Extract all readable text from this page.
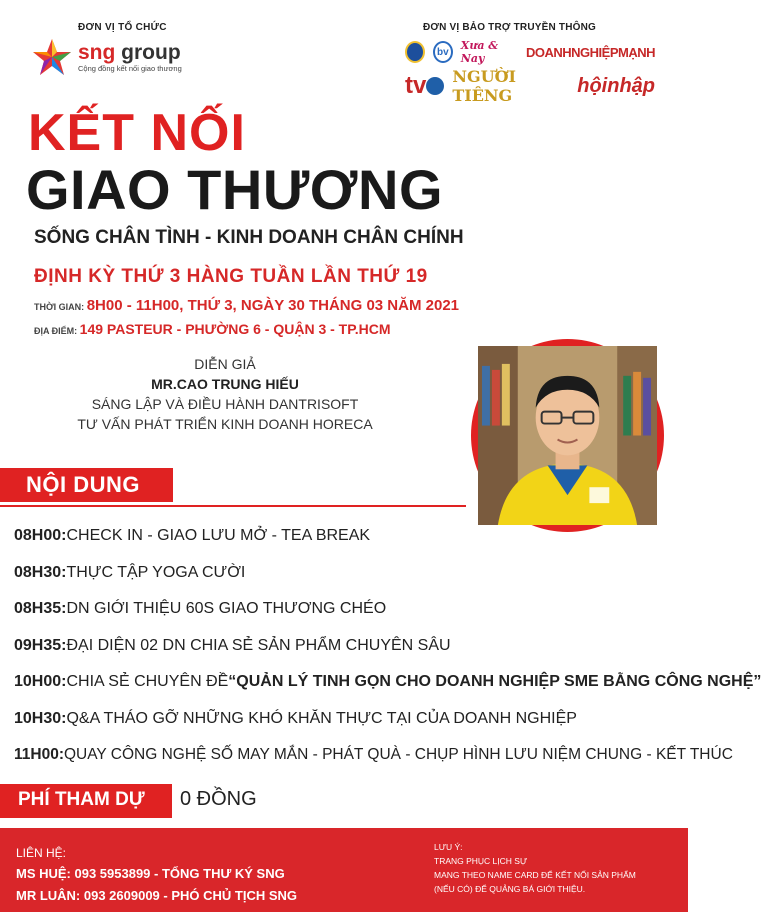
ĐƠN VỊ TỔ CHỨC
sng group
Cộng đồng kết nối giao thương
ĐƠN VỊ BẢO TRỢ TRUYỀN THÔNG
bv	Xưa & Nay	DOANHNGHIỆPMẠNH
tv NGƯỜI TIÊNG	hộinhập
KẾT NỐI
GIAO THƯƠNG
SỐNG CHÂN TÌNH - KINH DOANH CHÂN CHÍNH
ĐỊNH KỲ THỨ 3 HÀNG TUẦN LẦN THỨ 19
THỜI GIAN: 8H00 - 11H00, THỨ 3, NGÀY 30 THÁNG 03 NĂM 2021
ĐỊA ĐIỂM: 149 PASTEUR - PHƯỜNG 6 - QUẬN 3 - TP.HCM
DIỄN GIẢ
MR.CAO TRUNG HIẾU
SÁNG LẬP VÀ ĐIỀU HÀNH DANTRISOFT
TƯ VẤN PHÁT TRIỂN KINH DOANH HORECA
NỘI DUNG
08H00: CHECK IN - GIAO LƯU MỞ - TEA BREAK
08H30: THỰC TẬP YOGA CƯỜI
08H35: DN GIỚI THIỆU 60S GIAO THƯƠNG CHÉO
09H35: ĐẠI DIỆN 02 DN CHIA SẺ SẢN PHẨM CHUYÊN SÂU
10H00: CHIA SẺ CHUYÊN ĐỀ “QUẢN LÝ TINH GỌN CHO DOANH NGHIỆP SME BẰNG CÔNG NGHỆ”
10H30: Q&A THÁO GỠ NHỮNG KHÓ KHĂN THỰC TẠI CỦA DOANH NGHIỆP
11H00: QUAY CÔNG NGHỆ SỐ MAY MẮN - PHÁT QUÀ - CHỤP HÌNH LƯU NIỆM CHUNG - KẾT THÚC
PHÍ THAM DỰ 0 ĐỒNG
LIÊN HỆ:
MS HUỆ: 093 5953899 - TỔNG THƯ KÝ SNG
MR LUÂN: 093 2609009 - PHÓ CHỦ TỊCH SNG
LƯU Ý:
TRANG PHỤC LỊCH SỰ
MANG THEO NAME CARD ĐỂ KẾT NỐI SẢN PHẨM
(NẾU CÓ) ĐỂ QUẢNG BÁ GIỚI THIỆU.
